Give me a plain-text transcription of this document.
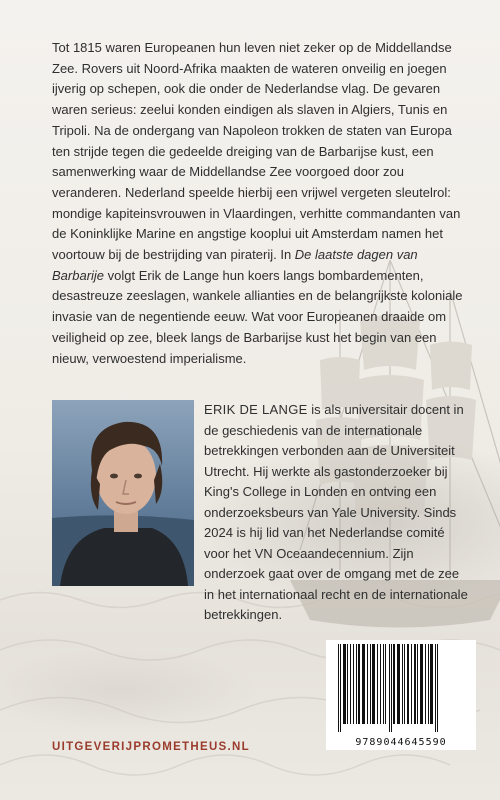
Tot 1815 waren Europeanen hun leven niet zeker op de Middellandse Zee. Rovers uit Noord-Afrika maakten de wateren onveilig en joegen ijverig op schepen, ook die onder de Nederlandse vlag. De gevaren waren serieus: zeelui konden eindigen als slaven in Algiers, Tunis en Tripoli. Na de ondergang van Napoleon trokken de staten van Europa ten strijde tegen die gedeelde dreiging van de Barbarijse kust, een samenwerking waar de Middellandse Zee voorgoed door zou veranderen. Nederland speelde hierbij een vrijwel vergeten sleutelrol: mondige kapiteinsvrouwen in Vlaardingen, verhitte commandanten van de Koninklijke Marine en angstige kooplui uit Amsterdam namen het voortouw bij de bestrijding van piraterij. In De laatste dagen van Barbarije volgt Erik de Lange hun koers langs bombardementen, desastreuze zeeslagen, wankele allianties en de belangrijkste koloniale invasie van de negentiende eeuw. Wat voor Europeanen draaide om veiligheid op zee, bleek langs de Barbarijse kust het begin van een nieuw, verwoestend imperialisme.

ERIK DE LANGE is als universitair docent in de geschiedenis van de internationale betrekkingen verbonden aan de Universiteit Utrecht. Hij werkte als gastonderzoeker bij King's College in Londen en ontving een onderzoeksbeurs van Yale University. Sinds 2024 is hij lid van het Nederlandse comité voor het VN Oceaandecennium. Zijn onderzoek gaat over de omgang met de zee in het internationaal recht en de internationale betrekkingen.

9789044645590
UITGEVERIJPROMETHEUS.NL
